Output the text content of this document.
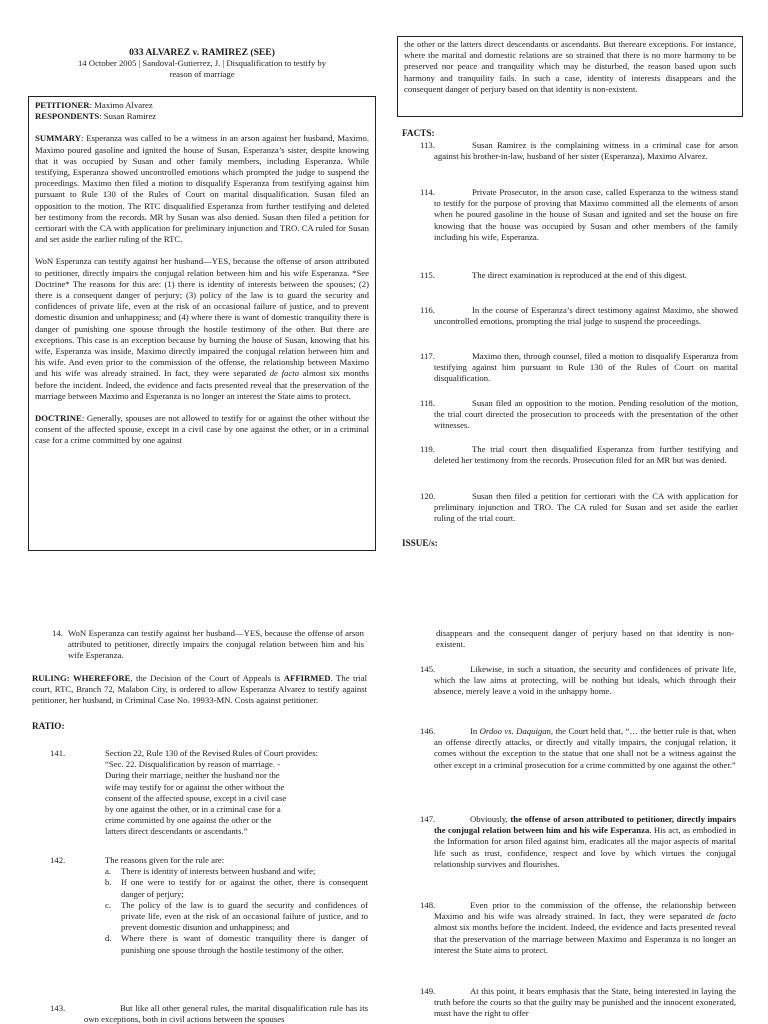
033 ALVAREZ v. RAMIREZ (SEE)

14 October 2005 | Sandoval-Gutierrez, J. | Disqualification to testify by

reason of marriage

PETITIONER: Maximo Alvarez

RESPONDENTS: Susan Ramirez

SUMMARY: Esperanza was called to be a witness in an arson against her husband, Maximo. Maximo poured gasoline and ignited the house of Susan, Esperanza’s sister, despite knowing that it was occupied by Susan and other family members, including Esperanza. While testifying, Esperanza showed uncontrolled emotions which prompted the judge to suspend the proceedings. Maximo then filed a motion to disqualify Esperanza from testifying against him pursuant to Rule 130 of the Rules of Court on marital disqualification. Susan filed an opposition to the motion. The RTC disqualified Esperanza from further testifying and deleted her testimony from the records. MR by Susan was also denied. Susan then filed a petition for certiorari with the CA with application for preliminary injunction and TRO. CA ruled for Susan and set aside the earlier ruling of the RTC.

WoN Esperanza can testify against her husband—YES, because the offense of arson attributed to petitioner, directly impairs the conjugal relation between him and his wife Esperanza. *See Doctrine* The reasons for this are: (1) there is identity of interests between the spouses; (2) there is a consequent danger of perjury; (3) policy of the law is to guard the security and confidences of private life, even at the risk of an occasional failure of justice, and to prevent domestic disunion and unhappiness; and (4) where there is want of domestic tranquility there is danger of punishing one spouse through the hostile testimony of the other. But there are exceptions. This case is an exception because by burning the house of Susan, knowing that his wife, Esperanza was inside, Maximo directly impaired the conjugal relation between him and his wife. And even prior to the commission of the offense, the relationship between Maximo and his wife was already strained. In fact, they were separated de facto almost six months before the incident. Indeed, the evidence and facts presented reveal that the preservation of the marriage between Maximo and Esperanza is no longer an interest the State aims to protect.

DOCTRINE: Generally, spouses are not allowed to testify for or against the other without the consent of the affected spouse, except in a civil case by one against the other, or in a criminal case for a crime committed by one against

the other or the latters direct descendants or ascendants. But thereare exceptions. For instance, where the marital and domestic relations are so strained that there is no more harmony to be preserved nor peace and tranquility which may be disturbed, the reason based upon such harmony and tranquility fails. In such a case, identity of interests disappears and the consequent danger of perjury based on that identity is non-existent.

FACTS:

113.	Susan Ramirez is the complaining witness in a criminal case for arson against his brother-in-law, husband of her sister (Esperanza), Maximo Alvarez.

114.	Private Prosecutor, in the arson case, called Esperanza to the witness stand to testify for the purpose of proving that Maximo committed all the elements of arson when he poured gasoline in the house of Susan and ignited and set the house on fire knowing that the house was occupied by Susan and other members of the family including his wife, Esperanza.

115.	The direct examination is reproduced at the end of this digest.

116.	In the course of Esperanza’s direct testimony against Maximo, she showed uncontrolled emotions, prompting the trial judge to suspend the proceedings.

117.	Maximo then, through counsel, filed a motion to disqualify Esperanza from testifying against him pursuant to Rule 130 of the Rules of Court on marital disqualification.

118.	Susan filed an opposition to the motion. Pending resolution of the motion, the trial court directed the prosecution to proceeds with the presentation of the other witnesses.

119.	The trial court then disqualified Esperanza from further testifying and deleted her testimony from the records. Prosecution filed for an MR but was denied.

120.	Susan then filed a petition for certiorari with the CA with application for preliminary injunction and TRO. The CA ruled for Susan and set aside the earlier ruling of the trial court.

ISSUE/s:

14. WoN Esperanza can testify against her husband—YES, because the offense of arson attributed to petitioner, directly impairs the conjugal relation between him and his wife Esperanza.

RULING: WHEREFORE, the Decision of the Court of Appeals is AFFIRMED. The trial court, RTC, Branch 72, Malabon City, is ordered to allow Esperanza Alvarez to testify against petitioner, her husband, in Criminal Case No. 19933-MN. Costs against petitioner.

RATIO:

141.	Section 22, Rule 130 of the Revised Rules of Court provides:

“Sec. 22. Disqualification by reason of marriage. -

During their marriage, neither the husband nor the

wife may testify for or against the other without the

consent of the affected spouse, except in a civil case

by one against the other, or in a criminal case for a

crime committed by one against the other or the

latters direct descendants or ascendants.”

142.	The reasons given for the rule are:

a. There is identity of interests between husband and wife;
b. If one were to testify for or against the other, there is consequent danger of perjury;
c. The policy of the law is to guard the security and confidences of private life, even at the risk of an occasional failure of justice, and to prevent domestic disunion and unhappiness; and
d. Where there is want of domestic tranquility there is danger of punishing one spouse through the hostile testimony of the other.
143.	But like all other general rules, the marital disqualification rule has its own exceptions, both in civil actions between the spouses

disappears and the consequent danger of perjury based on that identity is non-existent.

145.	Likewise, in such a situation, the security and confidences of private life, which the law aims at protecting, will be nothing but ideals, which through their absence, merely leave a void in the unhappy home.

146.	In Ordoo vs. Daquigan, the Court held that, “… the better rule is that, when an offense directly attacks, or directly and vitally impairs, the conjugal relation, it comes without the exception to the statue that one shall not be a witness against the other except in a criminal prosecution for a crime committed by one against the other.”

147.	Obviously, the offense of arson attributed to petitioner, directly impairs the conjugal relation between him and his wife Esperanza. His act, as embodied in the Information for arson filed against him, eradicates all the major aspects of marital life such as trust, confidence, respect and love by which virtues the conjugal relationship survives and flourishes.

148.	Even prior to the commission of the offense, the relationship between Maximo and his wife was already strained. In fact, they were separated de facto almost six months before the incident. Indeed, the evidence and facts presented reveal that the preservation of the marriage between Maximo and Esperanza is no longer an interest the State aims to protect.

149.	At this point, it bears emphasis that the State, being interested in laying the truth before the courts so that the guilty may be punished and the innocent exonerated, must have the right to offer
